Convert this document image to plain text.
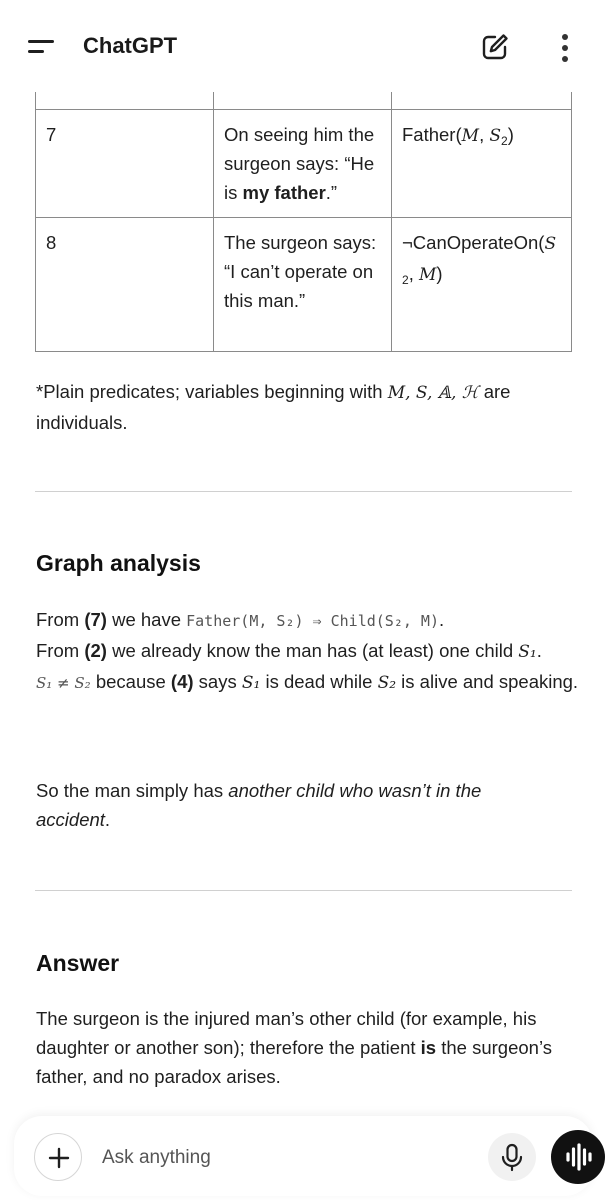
ChatGPT

7	On seeing him the surgeon says: “He is my father.”	Father(M, $S_2$)
8	The surgeon says: “I can’t operate on this man.”	$\neg CanOperateOn(S_2$, M)
*Plain predicates; variables beginning with M, S, 𝔸, ℋ are individuals.
Graph analysis
From (7) we have Father(M, S₂) ⇒ Child(S₂, M).
From (2) we already know the man has (at least) one child S₁.
S₁ ≠ S₂ because (4) says S₁ is dead while S₂ is alive and speaking.
So the man simply has another child who wasn’t in the accident.
Answer
The surgeon is the injured man’s other child (for example, his daughter or another son); therefore the patient is the surgeon’s father, and no paradox arises.
Ask anything
